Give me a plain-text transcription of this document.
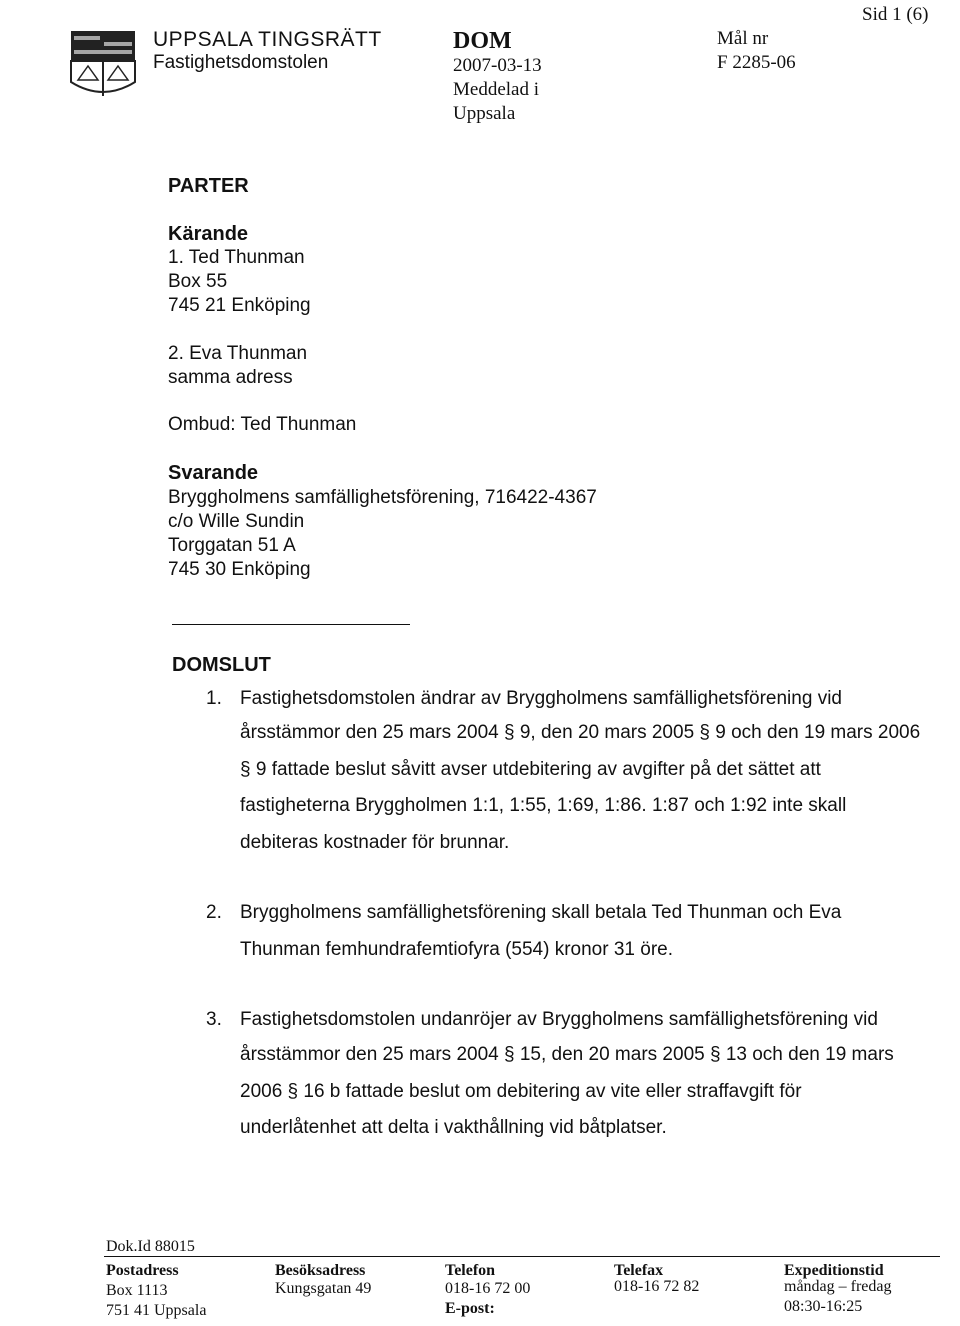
UPPSALA TINGSRÄTT
Fastighetsdomstolen
DOM
2007-03-13
Meddelad i
Uppsala
Mål nr
F 2285-06
Sid 1 (6)
PARTER
Kärande
1. Ted Thunman
Box 55
745 21 Enköping
2. Eva Thunman
samma adress
Ombud: Ted Thunman
Svarande
Bryggholmens samfällighetsförening, 716422-4367
c/o Wille Sundin
Torggatan 51 A
745 30 Enköping
DOMSLUT
1. Fastighetsdomstolen ändrar av Bryggholmens samfällighetsförening vid
årsstämmor den 25 mars 2004 § 9, den 20 mars 2005 § 9 och den 19 mars 2006
§ 9 fattade beslut såvitt avser utdebitering av avgifter på det sättet att
fastigheterna Bryggholmen 1:1, 1:55, 1:69, 1:86. 1:87 och 1:92 inte skall
debiteras kostnader för brunnar.
2. Bryggholmens samfällighetsförening skall betala Ted Thunman och Eva
Thunman femhundrafemtiofyra (554) kronor 31 öre.
3. Fastighetsdomstolen undanröjer av Bryggholmens samfällighetsförening vid
årsstämmor den 25 mars 2004 § 15, den 20 mars 2005 § 13 och den 19 mars
2006 § 16 b fattade beslut om debitering av vite eller straffavgift för
underlåtenhet att delta i vakthållning vid båtplatser.
Dok.Id 88015
Postadress
Box 1113
751 41 Uppsala
Besöksadress
Kungsgatan 49
Telefon
018-16 72 00
E-post:
Telefax
018-16 72 82
Expeditionstid
måndag – fredag
08:30-16:25
